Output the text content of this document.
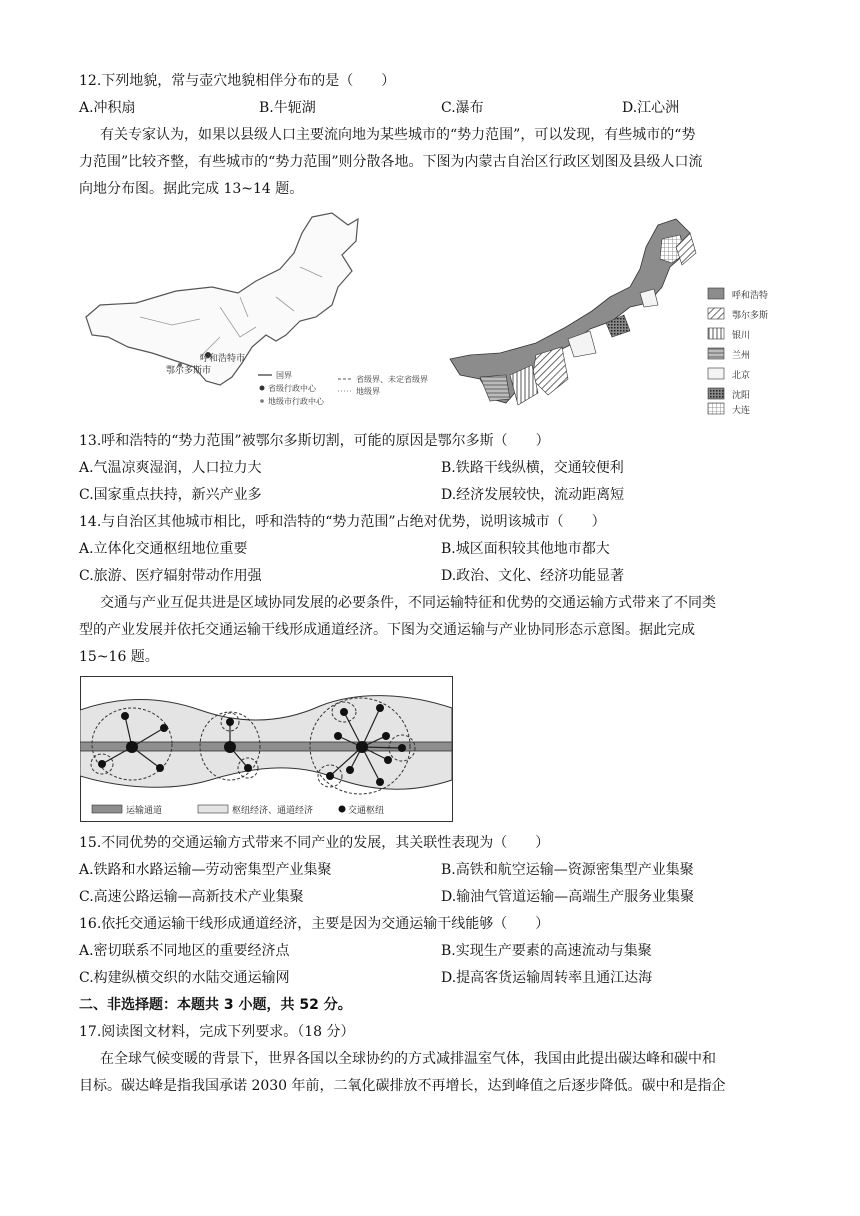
12.下列地貌，常与壶穴地貌相伴分布的是（　　）
A.冲积扇	B.牛轭湖	C.瀑布	D.江心洲
有关专家认为，如果以县级人口主要流向地为某些城市的“势力范围”，可以发现，有些城市的“势
力范围”比较齐整，有些城市的“势力范围”则分散各地。下图为内蒙古自治区行政区划图及县级人口流
向地分布图。据此完成 13~14 题。
呼和浩特市
鄂尔多斯市	国界	省级界、未定省级界
省级行政中心	地级界
地级市行政中心
呼和浩特
鄂尔多斯
银川
兰州
北京
沈阳
大连
13.呼和浩特的“势力范围”被鄂尔多斯切割，可能的原因是鄂尔多斯（　　）
A.气温凉爽湿润，人口拉力大	B.铁路干线纵横，交通较便利
C.国家重点扶持，新兴产业多	D.经济发展较快，流动距离短
14.与自治区其他城市相比，呼和浩特的“势力范围”占绝对优势，说明该城市（　　）
A.立体化交通枢纽地位重要	B.城区面积较其他地市都大
C.旅游、医疗辐射带动作用强	D.政治、文化、经济功能显著
交通与产业互促共进是区域协同发展的必要条件，不同运输特征和优势的交通运输方式带来了不同类
型的产业发展并依托交通运输干线形成通道经济。下图为交通运输与产业协同形态示意图。据此完成
15~16 题。
运输通道	枢纽经济、通道经济	交通枢纽
15.不同优势的交通运输方式带来不同产业的发展，其关联性表现为（　　）
A.铁路和水路运输—劳动密集型产业集聚	B.高铁和航空运输—资源密集型产业集聚
C.高速公路运输—高新技术产业集聚	D.输油气管道运输—高端生产服务业集聚
16.依托交通运输干线形成通道经济，主要是因为交通运输干线能够（　　）
A.密切联系不同地区的重要经济点	B.实现生产要素的高速流动与集聚
C.构建纵横交织的水陆交通运输网	D.提高客货运输周转率且通江达海
二、非选择题：本题共 3 小题，共 52 分。
17.阅读图文材料，完成下列要求。（18 分）
在全球气候变暖的背景下，世界各国以全球协约的方式减排温室气体，我国由此提出碳达峰和碳中和
目标。碳达峰是指我国承诺 2030 年前，二氧化碳排放不再增长，达到峰值之后逐步降低。碳中和是指企
